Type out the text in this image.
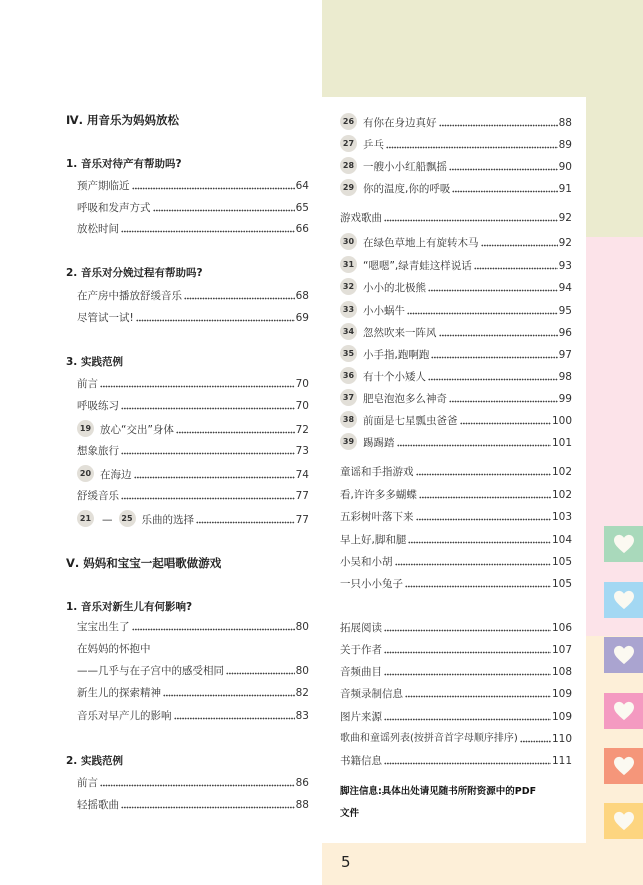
Ⅳ. 用音乐为妈妈放松
1. 音乐对待产有帮助吗?
预产期临近	64
呼吸和发声方式	65
放松时间	66
2. 音乐对分娩过程有帮助吗?
在产房中播放舒缓音乐	68
尽管试一试!	69
3. 实践范例
前言	70
呼吸练习	70
19 放心“交出”身体	72
想象旅行	73
20 在海边	74
舒缓音乐	77
21 —	25 乐曲的选择	77
Ⅴ. 妈妈和宝宝一起唱歌做游戏
1. 音乐对新生儿有何影响?
宝宝出生了	80
在妈妈的怀抱中
——几乎与在子宫中的感受相同	80
新生儿的探索精神	82
音乐对早产儿的影响	83
2. 实践范例
前言	86
轻摇歌曲	88
26 有你在身边真好	88
27 乒乓	89
28 一艘小小红船飘摇	90
29 你的温度,你的呼吸	91
游戏歌曲	92
30 在绿色草地上有旋转木马	92
31 “嗯嗯”,绿青蛙这样说话	93
32 小小的北极熊	94
33 小小蜗牛	95
34 忽然吹来一阵风	96
35 小手指,跑啊跑	97
36 有十个小矮人	98
37 肥皂泡泡多么神奇	99
38 前面是七星瓢虫爸爸	100
39 踢踢踏	101
童谣和手指游戏	102
看,许许多多蝴蝶	102
五彩树叶落下来	103
早上好,脚和腿	104
小吴和小胡	105
一只小小兔子	105
拓展阅读	106
关于作者	107
音频曲目	108
音频录制信息	109
图片来源	109
歌曲和童谣列表(按拼音首字母顺序排序)	110
书籍信息	111
脚注信息:具体出处请见随书所附资源中的PDF
文件
5
